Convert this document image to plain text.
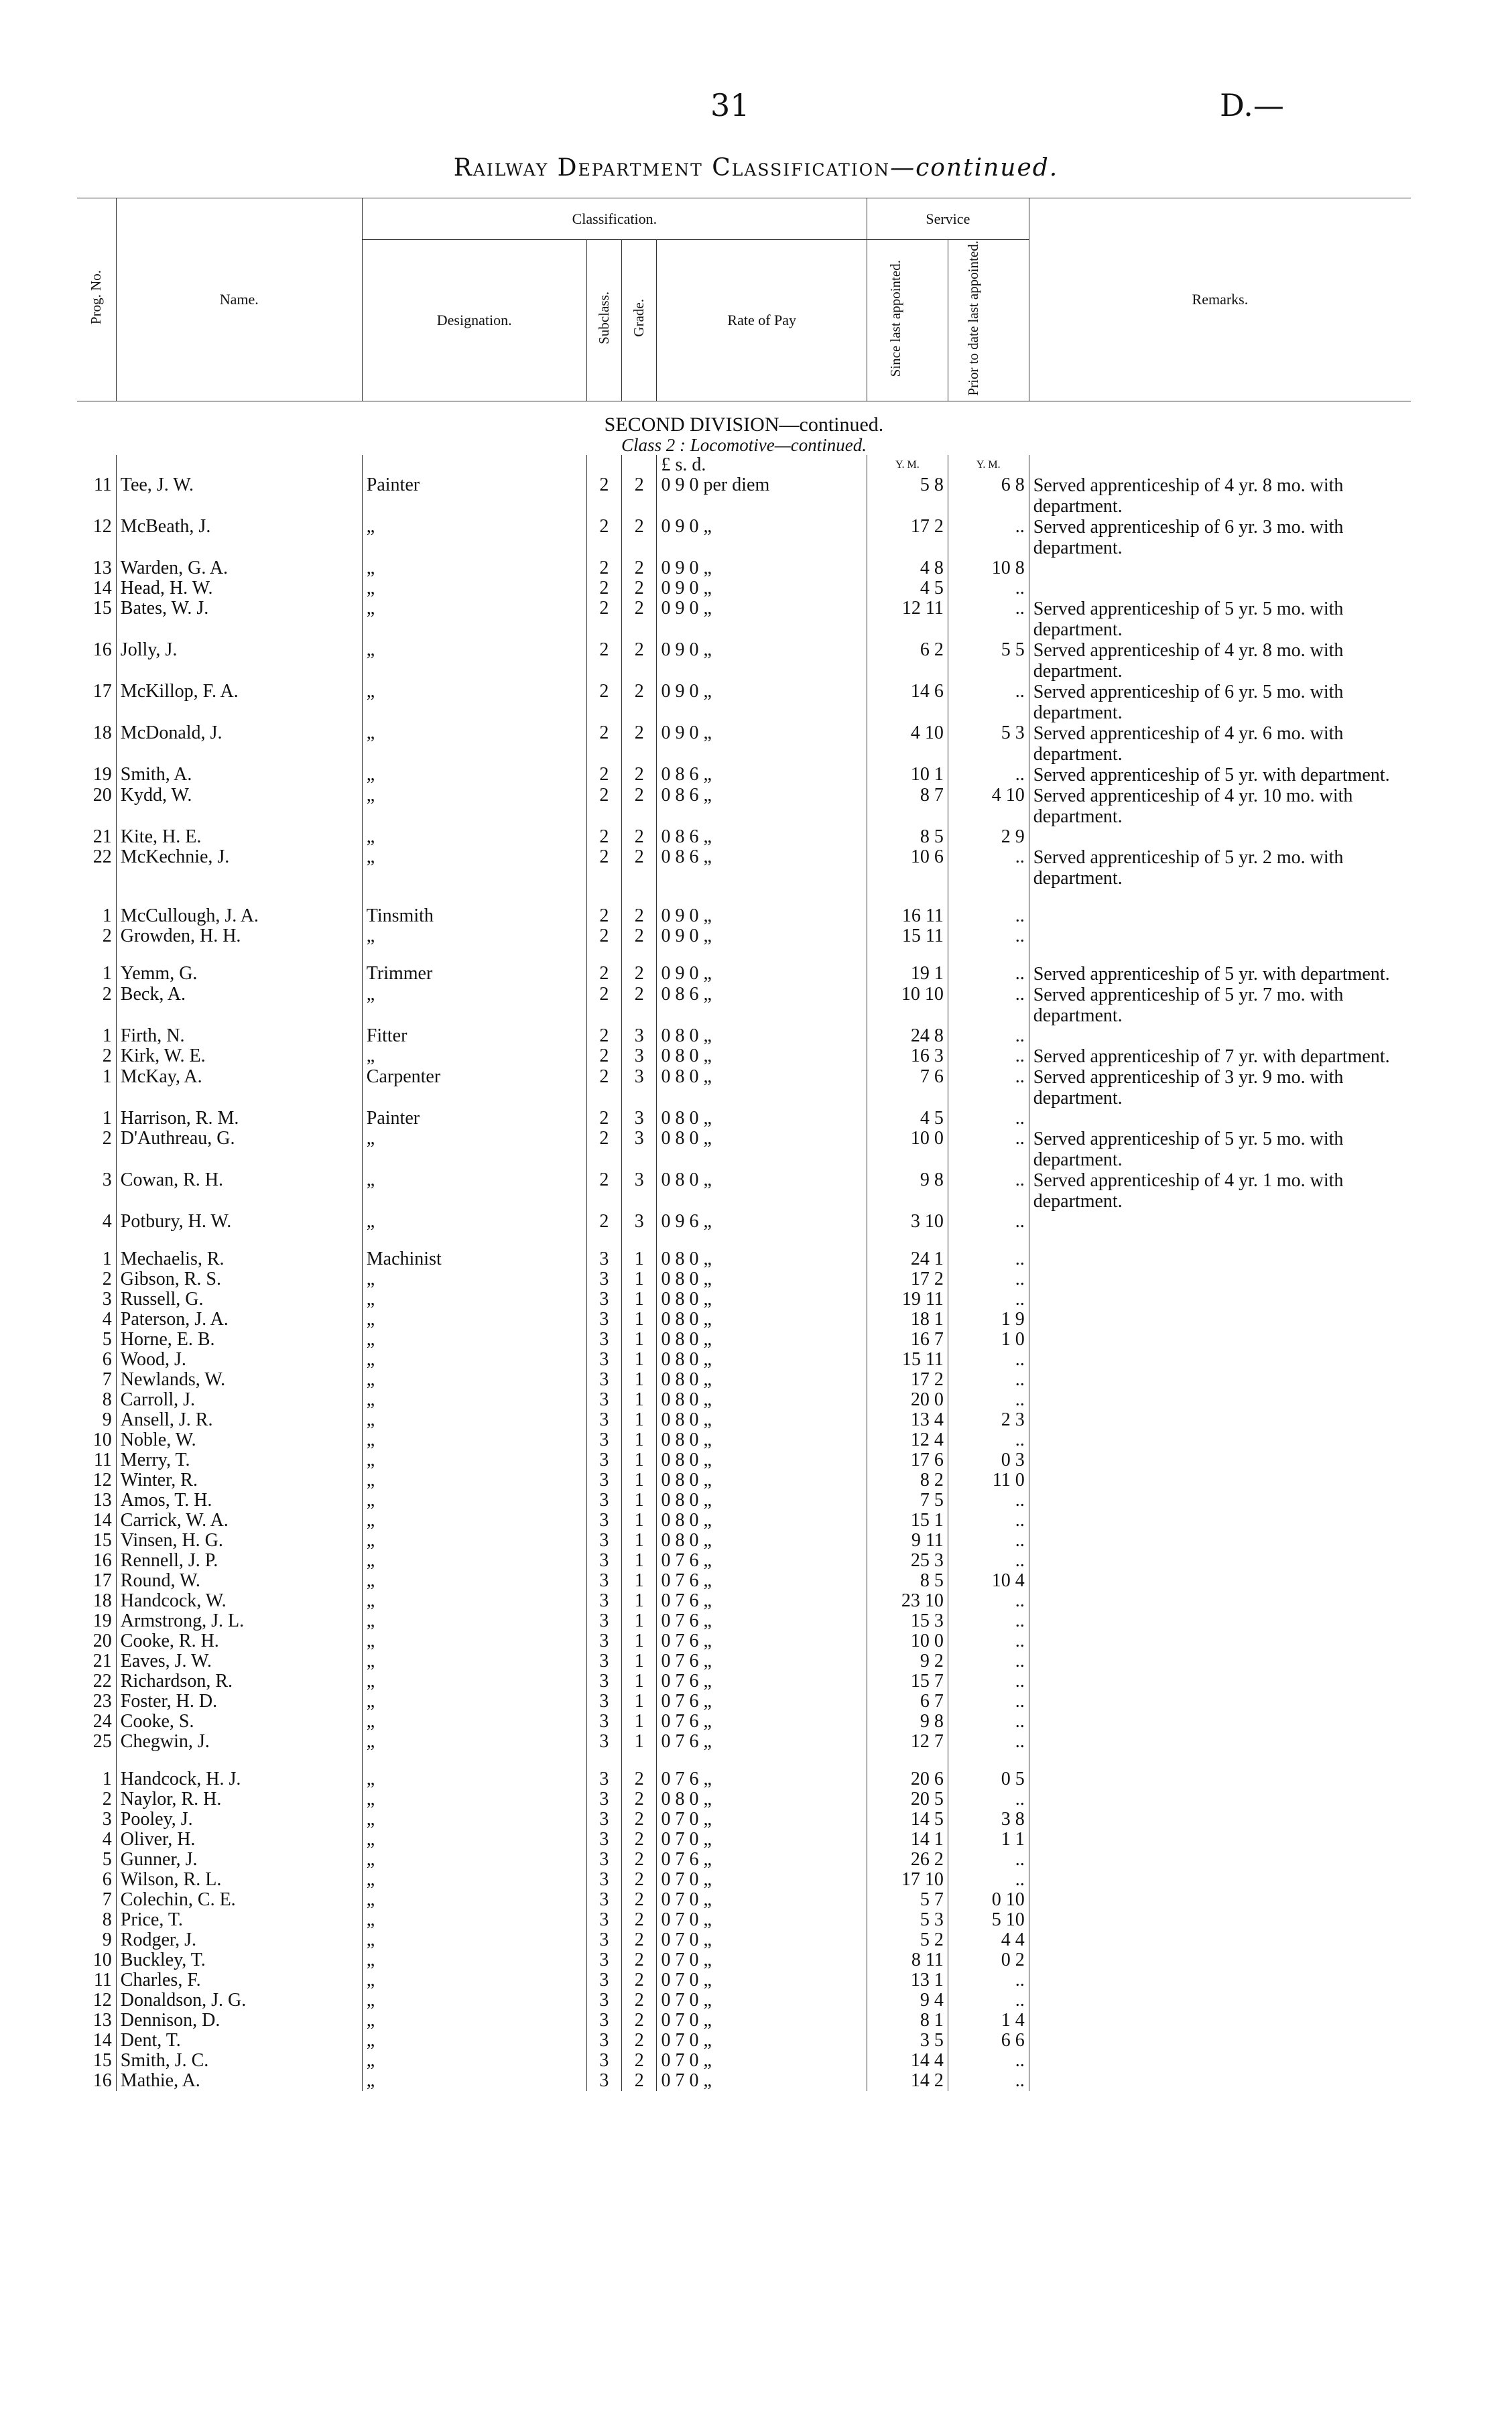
31	D.—
Railway Department Classification—continued.
Prog. No.	Name.	Classification.				Service		Remarks.
		Designation.	Subclass.	Grade.	Rate of Pay	Since last appointed.	Prior to date last appointed.	

SECOND DIVISION—continued.
Class 2 : Locomotive—continued.								

					£ s. d.	Y. M.	Y. M.	
11	Tee, J. W.	Painter	2	2	0 9 0 per diem	5 8	6 8	Served apprenticeship of 4 yr. 8 mo. with department.
12	McBeath, J.	„	2	2	0 9 0 „	17 2	..	Served apprenticeship of 6 yr. 3 mo. with department.
13	Warden, G. A.	„	2	2	0 9 0 „	4 8	10 8	
14	Head, H. W.	„	2	2	0 9 0 „	4 5	..	
15	Bates, W. J.	„	2	2	0 9 0 „	12 11	..	Served apprenticeship of 5 yr. 5 mo. with department.
16	Jolly, J.	„	2	2	0 9 0 „	6 2	5 5	Served apprenticeship of 4 yr. 8 mo. with department.
17	McKillop, F. A.	„	2	2	0 9 0 „	14 6	..	Served apprenticeship of 6 yr. 5 mo. with department.
18	McDonald, J.	„	2	2	0 9 0 „	4 10	5 3	Served apprenticeship of 4 yr. 6 mo. with department.
19	Smith, A.	„	2	2	0 8 6 „	10 1	..	Served apprenticeship of 5 yr. with department.
20	Kydd, W.	„	2	2	0 8 6 „	8 7	4 10	Served apprenticeship of 4 yr. 10 mo. with department.
21	Kite, H. E.	„	2	2	0 8 6 „	8 5	2 9	
22	McKechnie, J.	„	2	2	0 8 6 „	10 6	..	Served apprenticeship of 5 yr. 2 mo. with department.

1	McCullough, J. A.	Tinsmith	2	2	0 9 0 „	16 11	..	
2	Growden, H. H.	„	2	2	0 9 0 „	15 11	..	

1	Yemm, G.	Trimmer	2	2	0 9 0 „	19 1	..	Served apprenticeship of 5 yr. with department.
2	Beck, A.	„	2	2	0 8 6 „	10 10	..	Served apprenticeship of 5 yr. 7 mo. with department.
1	Firth, N.	Fitter	2	3	0 8 0 „	24 8	..	
2	Kirk, W. E.	„	2	3	0 8 0 „	16 3	..	Served apprenticeship of 7 yr. with department.
1	McKay, A.	Carpenter	2	3	0 8 0 „	7 6	..	Served apprenticeship of 3 yr. 9 mo. with department.
1	Harrison, R. M.	Painter	2	3	0 8 0 „	4 5	..	
2	D'Authreau, G.	„	2	3	0 8 0 „	10 0	..	Served apprenticeship of 5 yr. 5 mo. with department.
3	Cowan, R. H.	„	2	3	0 8 0 „	9 8	..	Served apprenticeship of 4 yr. 1 mo. with department.
4	Potbury, H. W.	„	2	3	0 9 6 „	3 10	..	

1	Mechaelis, R.	Machinist	3	1	0 8 0 „	24 1	..	
2	Gibson, R. S.	„	3	1	0 8 0 „	17 2	..	
3	Russell, G.	„	3	1	0 8 0 „	19 11	..	
4	Paterson, J. A.	„	3	1	0 8 0 „	18 1	1 9	
5	Horne, E. B.	„	3	1	0 8 0 „	16 7	1 0	
6	Wood, J.	„	3	1	0 8 0 „	15 11	..	
7	Newlands, W.	„	3	1	0 8 0 „	17 2	..	
8	Carroll, J.	„	3	1	0 8 0 „	20 0	..	
9	Ansell, J. R.	„	3	1	0 8 0 „	13 4	2 3	
10	Noble, W.	„	3	1	0 8 0 „	12 4	..	
11	Merry, T.	„	3	1	0 8 0 „	17 6	0 3	
12	Winter, R.	„	3	1	0 8 0 „	8 2	11 0	
13	Amos, T. H.	„	3	1	0 8 0 „	7 5	..	
14	Carrick, W. A.	„	3	1	0 8 0 „	15 1	..	
15	Vinsen, H. G.	„	3	1	0 8 0 „	9 11	..	
16	Rennell, J. P.	„	3	1	0 7 6 „	25 3	..	
17	Round, W.	„	3	1	0 7 6 „	8 5	10 4	
18	Handcock, W.	„	3	1	0 7 6 „	23 10	..	
19	Armstrong, J. L.	„	3	1	0 7 6 „	15 3	..	
20	Cooke, R. H.	„	3	1	0 7 6 „	10 0	..	
21	Eaves, J. W.	„	3	1	0 7 6 „	9 2	..	
22	Richardson, R.	„	3	1	0 7 6 „	15 7	..	
23	Foster, H. D.	„	3	1	0 7 6 „	6 7	..	
24	Cooke, S.	„	3	1	0 7 6 „	9 8	..	
25	Chegwin, J.	„	3	1	0 7 6 „	12 7	..	

1	Handcock, H. J.	„	3	2	0 7 6 „	20 6	0 5	
2	Naylor, R. H.	„	3	2	0 8 0 „	20 5	..	
3	Pooley, J.	„	3	2	0 7 0 „	14 5	3 8	
4	Oliver, H.	„	3	2	0 7 0 „	14 1	1 1	
5	Gunner, J.	„	3	2	0 7 6 „	26 2	..	
6	Wilson, R. L.	„	3	2	0 7 0 „	17 10	..	
7	Colechin, C. E.	„	3	2	0 7 0 „	5 7	0 10	
8	Price, T.	„	3	2	0 7 0 „	5 3	5 10	
9	Rodger, J.	„	3	2	0 7 0 „	5 2	4 4	
10	Buckley, T.	„	3	2	0 7 0 „	8 11	0 2	
11	Charles, F.	„	3	2	0 7 0 „	13 1	..	
12	Donaldson, J. G.	„	3	2	0 7 0 „	9 4	..	
13	Dennison, D.	„	3	2	0 7 0 „	8 1	1 4	
14	Dent, T.	„	3	2	0 7 0 „	3 5	6 6	
15	Smith, J. C.	„	3	2	0 7 0 „	14 4	..	
16	Mathie, A.	„	3	2	0 7 0 „	14 2	..	
